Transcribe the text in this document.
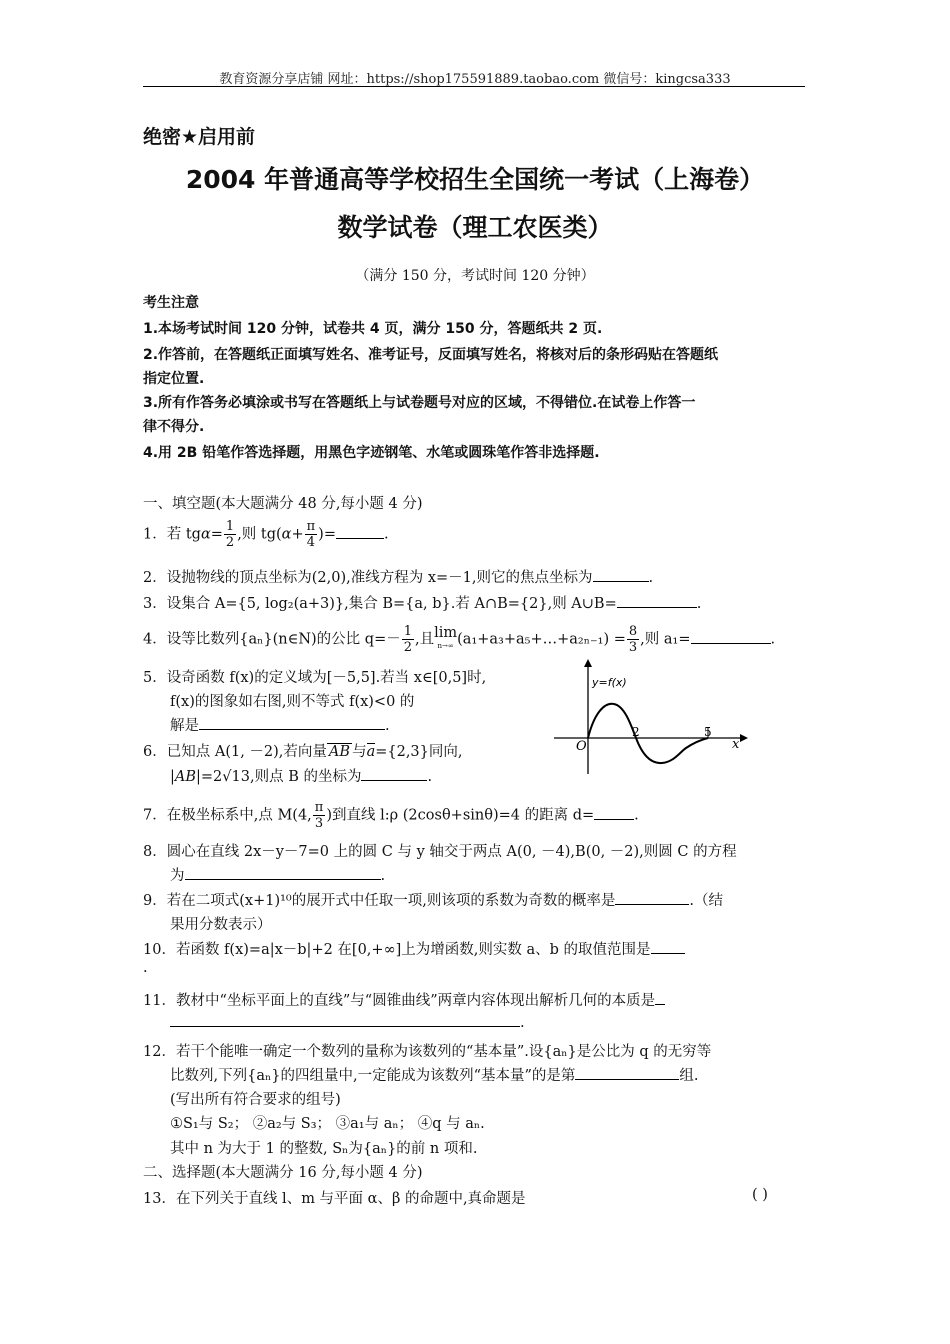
教育资源分享店铺 网址：https://shop175591889.taobao.com 微信号：kingcsa333
绝密★启用前
2004 年普通高等学校招生全国统一考试（上海卷）
数学试卷（理工农医类）
（满分 150 分，考试时间 120 分钟）
考生注意
1.本场考试时间 120 分钟，试卷共 4 页，满分 150 分，答题纸共 2 页.
2.作答前，在答题纸正面填写姓名、准考证号，反面填写姓名，将核对后的条形码贴在答题纸
指定位置.
3.所有作答务必填涂或书写在答题纸上与试卷题号对应的区域，不得错位.在试卷上作答一
律不得分.
4.用 2B 铅笔作答选择题，用黑色字迹钢笔、水笔或圆珠笔作答非选择题.
一、填空题(本大题满分 48 分,每小题 4 分)
1．若 $tg\alpha= \frac{1}{2}$ ,则 $tg(\alpha+ \frac{\pi}{4}$ )=	.
2．设抛物线的顶点坐标为(2,0),准线方程为 x=－1,则它的焦点坐标为	.
3．设集合 A={5, log₂(a+3)},集合 B={a, b}.若 A∩B={2},则 A∪B=	.
4．设等比数列{aₙ}(n∈N)的公比 $q=- \frac{1}{2}$ ,且 lim
n→∞ (a₁+a₃+a₅+…+a₂ₙ₋₁) = $\frac{8}{3}$ ,则 a₁=	.
5．设奇函数 f(x)的定义域为[－5,5].若当 x∈[0,5]时,
f(x)的图象如右图,则不等式 f(x)<0 的
解是	.
y=f(x)
O
2	5
x
6．已知点 A(1, －2),若向量 AB 与a={2,3}同向,
|AB|=2√13,则点 B 的坐标为	.
7．在极坐标系中,点 M(4, $\frac{\pi}{3}$ )到直线 l:ρ (2cosθ+sinθ)=4 的距离 d=	.
8．圆心在直线 2x－y－7=0 上的圆 C 与 y 轴交于两点 A(0, －4),B(0, －2),则圆 C 的方程
为	.
9．若在二项式(x+1)¹⁰的展开式中任取一项,则该项的系数为奇数的概率是	.（结
果用分数表示）
10．若函数 f(x)=a|x－b|+2 在[0,+∞]上为增函数,则实数 a、b 的取值范围是
.
11．教材中“坐标平面上的直线”与“圆锥曲线”两章内容体现出解析几何的本质是
.
12．若干个能唯一确定一个数列的量称为该数列的“基本量”.设{aₙ}是公比为 q 的无穷等
比数列,下列{aₙ}的四组量中,一定能成为该数列“基本量”的是第	组.
(写出所有符合要求的组号)
①S₁与 S₂； ②a₂与 S₃； ③a₁与 aₙ； ④q 与 aₙ.
其中 n 为大于 1 的整数, Sₙ为{aₙ}的前 n 项和.
二、选择题(本大题满分 16 分,每小题 4 分)
13．在下列关于直线 l、m 与平面 α、β 的命题中,真命题是	( )
